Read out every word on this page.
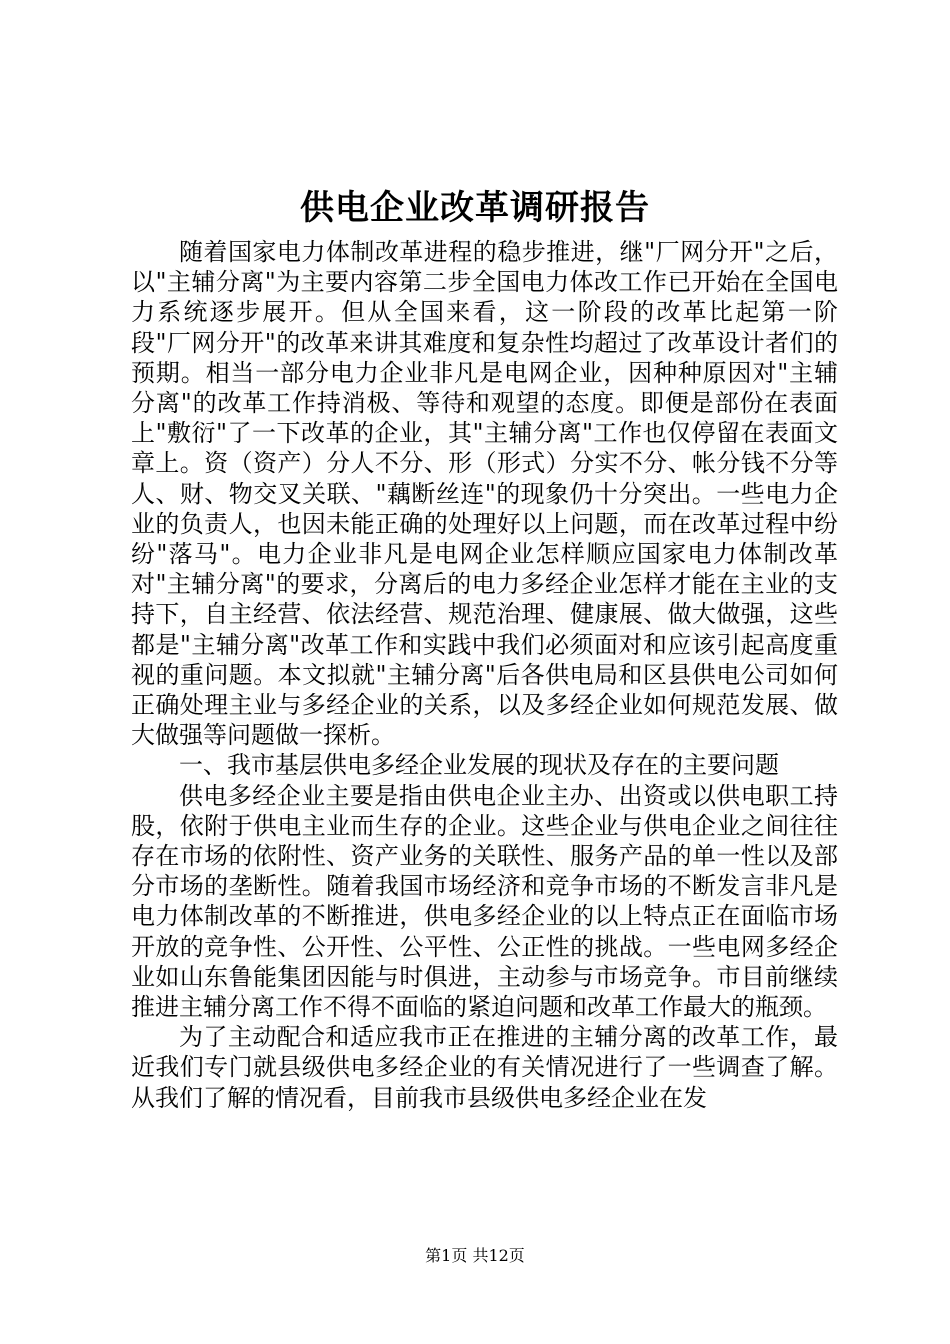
供电企业改革调研报告

随着国家电力体制改革进程的稳步推进，继"厂网分开"之后，以"主辅分离"为主要内容第二步全国电力体改工作已开始在全国电力系统逐步展开。但从全国来看，这一阶段的改革比起第一阶段"厂网分开"的改革来讲其难度和复杂性均超过了改革设计者们的预期。相当一部分电力企业非凡是电网企业，因种种原因对"主辅分离"的改革工作持消极、等待和观望的态度。即便是部份在表面上"敷衍"了一下改革的企业，其"主辅分离"工作也仅停留在表面文章上。资（资产）分人不分、形（形式）分实不分、帐分钱不分等人、财、物交叉关联、"藕断丝连"的现象仍十分突出。一些电力企业的负责人，也因未能正确的处理好以上问题，而在改革过程中纷纷"落马"。电力企业非凡是电网企业怎样顺应国家电力体制改革对"主辅分离"的要求，分离后的电力多经企业怎样才能在主业的支持下，自主经营、依法经营、规范治理、健康展、做大做强，这些都是"主辅分离"改革工作和实践中我们必须面对和应该引起高度重视的重问题。本文拟就"主辅分离"后各供电局和区县供电公司如何正确处理主业与多经企业的关系，以及多经企业如何规范发展、做大做强等问题做一探析。

一、我市基层供电多经企业发展的现状及存在的主要问题

供电多经企业主要是指由供电企业主办、出资或以供电职工持股，依附于供电主业而生存的企业。这些企业与供电企业之间往往存在市场的依附性、资产业务的关联性、服务产品的单一性以及部分市场的垄断性。随着我国市场经济和竞争市场的不断发言非凡是电力体制改革的不断推进，供电多经企业的以上特点正在面临市场开放的竞争性、公开性、公平性、公正性的挑战。一些电网多经企业如山东鲁能集团因能与时俱进，主动参与市场竞争。市目前继续推进主辅分离工作不得不面临的紧迫问题和改革工作最大的瓶颈。

为了主动配合和适应我市正在推进的主辅分离的改革工作，最近我们专门就县级供电多经企业的有关情况进行了一些调查了解。从我们了解的情况看，目前我市县级供电多经企业在发

第1页 共12页
